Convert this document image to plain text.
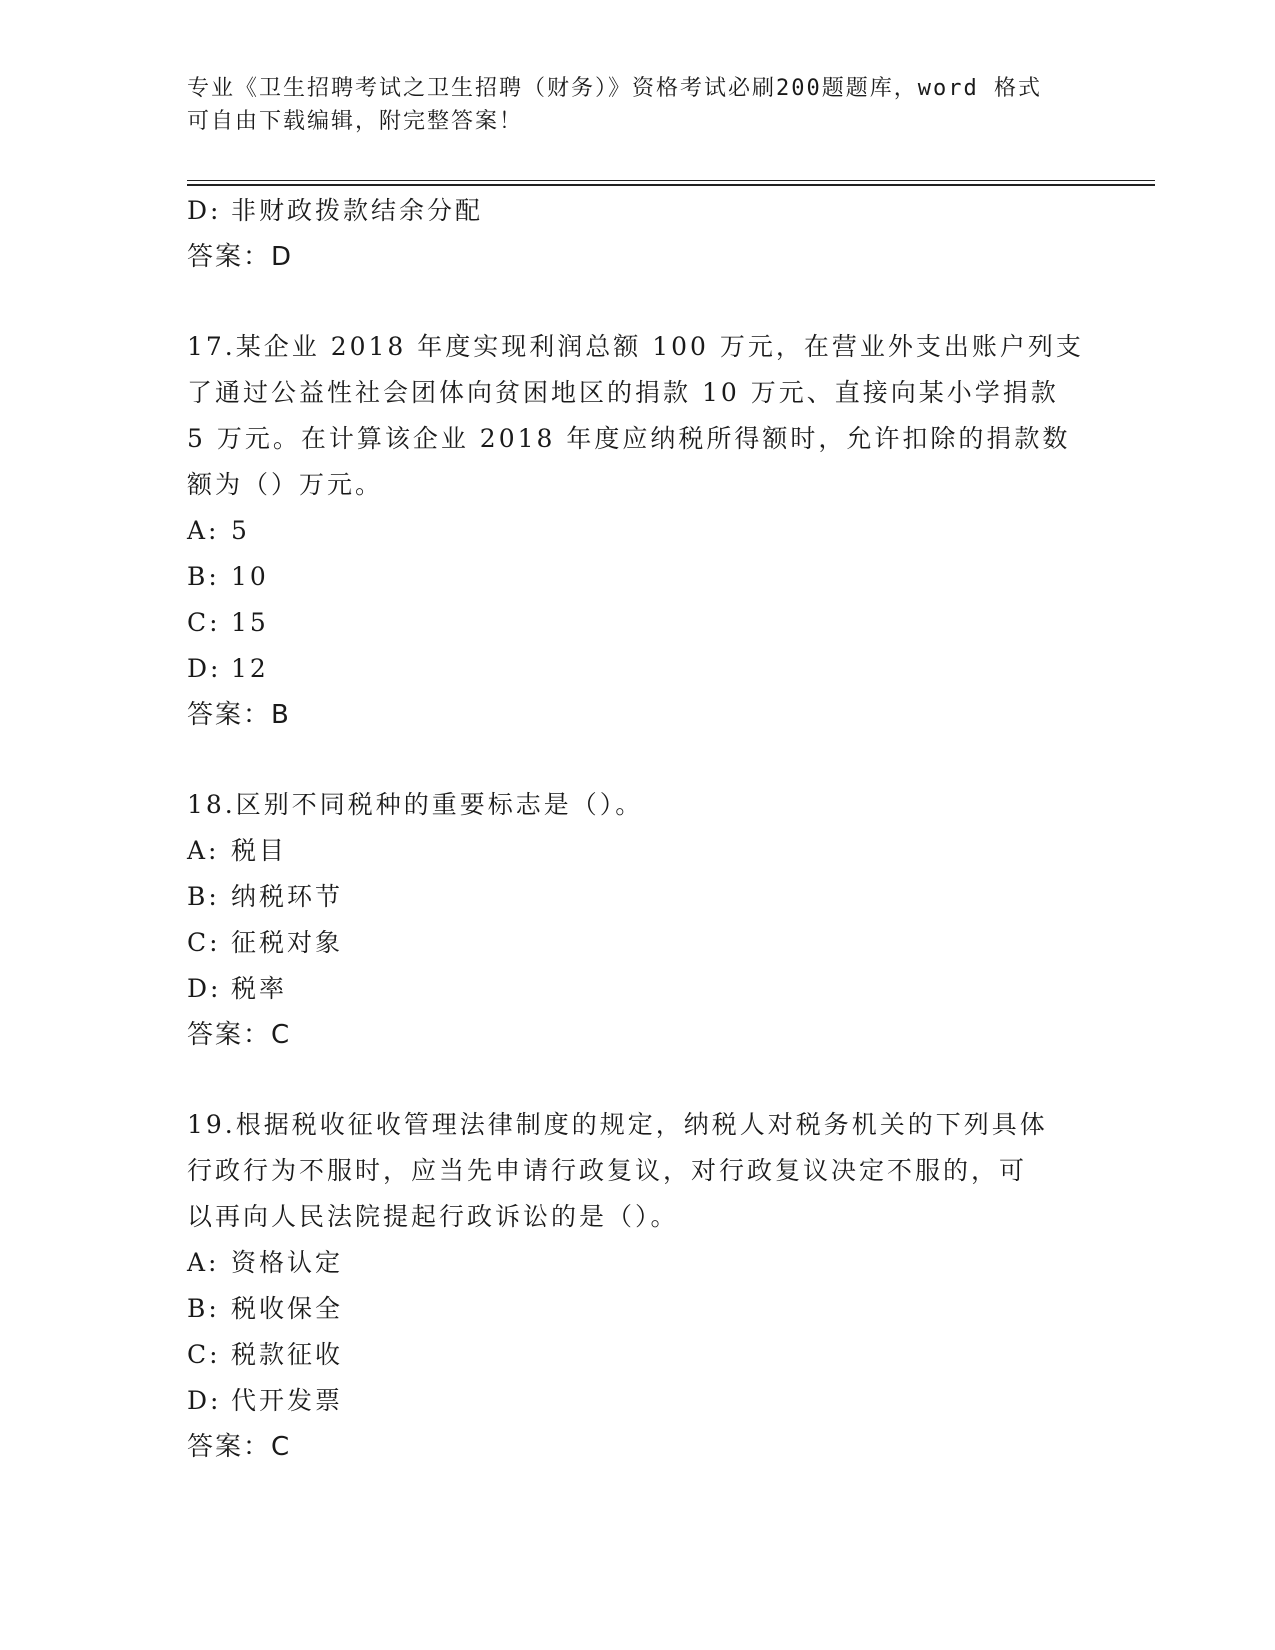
专业《卫生招聘考试之卫生招聘（财务）》资格考试必刷200题题库，word 格式
可自由下载编辑，附完整答案！
D: 非财政拨款结余分配
答案：D
17.某企业 2018 年度实现利润总额 100 万元，在营业外支出账户列支
了通过公益性社会团体向贫困地区的捐款 10 万元、直接向某小学捐款
5 万元。在计算该企业 2018 年度应纳税所得额时，允许扣除的捐款数
额为（）万元。
A: 5
B: 10
C: 15
D: 12
答案：B
18.区别不同税种的重要标志是（）。
A: 税目
B: 纳税环节
C: 征税对象
D: 税率
答案：C
19.根据税收征收管理法律制度的规定，纳税人对税务机关的下列具体
行政行为不服时，应当先申请行政复议，对行政复议决定不服的，可
以再向人民法院提起行政诉讼的是（）。
A: 资格认定
B: 税收保全
C: 税款征收
D: 代开发票
答案：C
